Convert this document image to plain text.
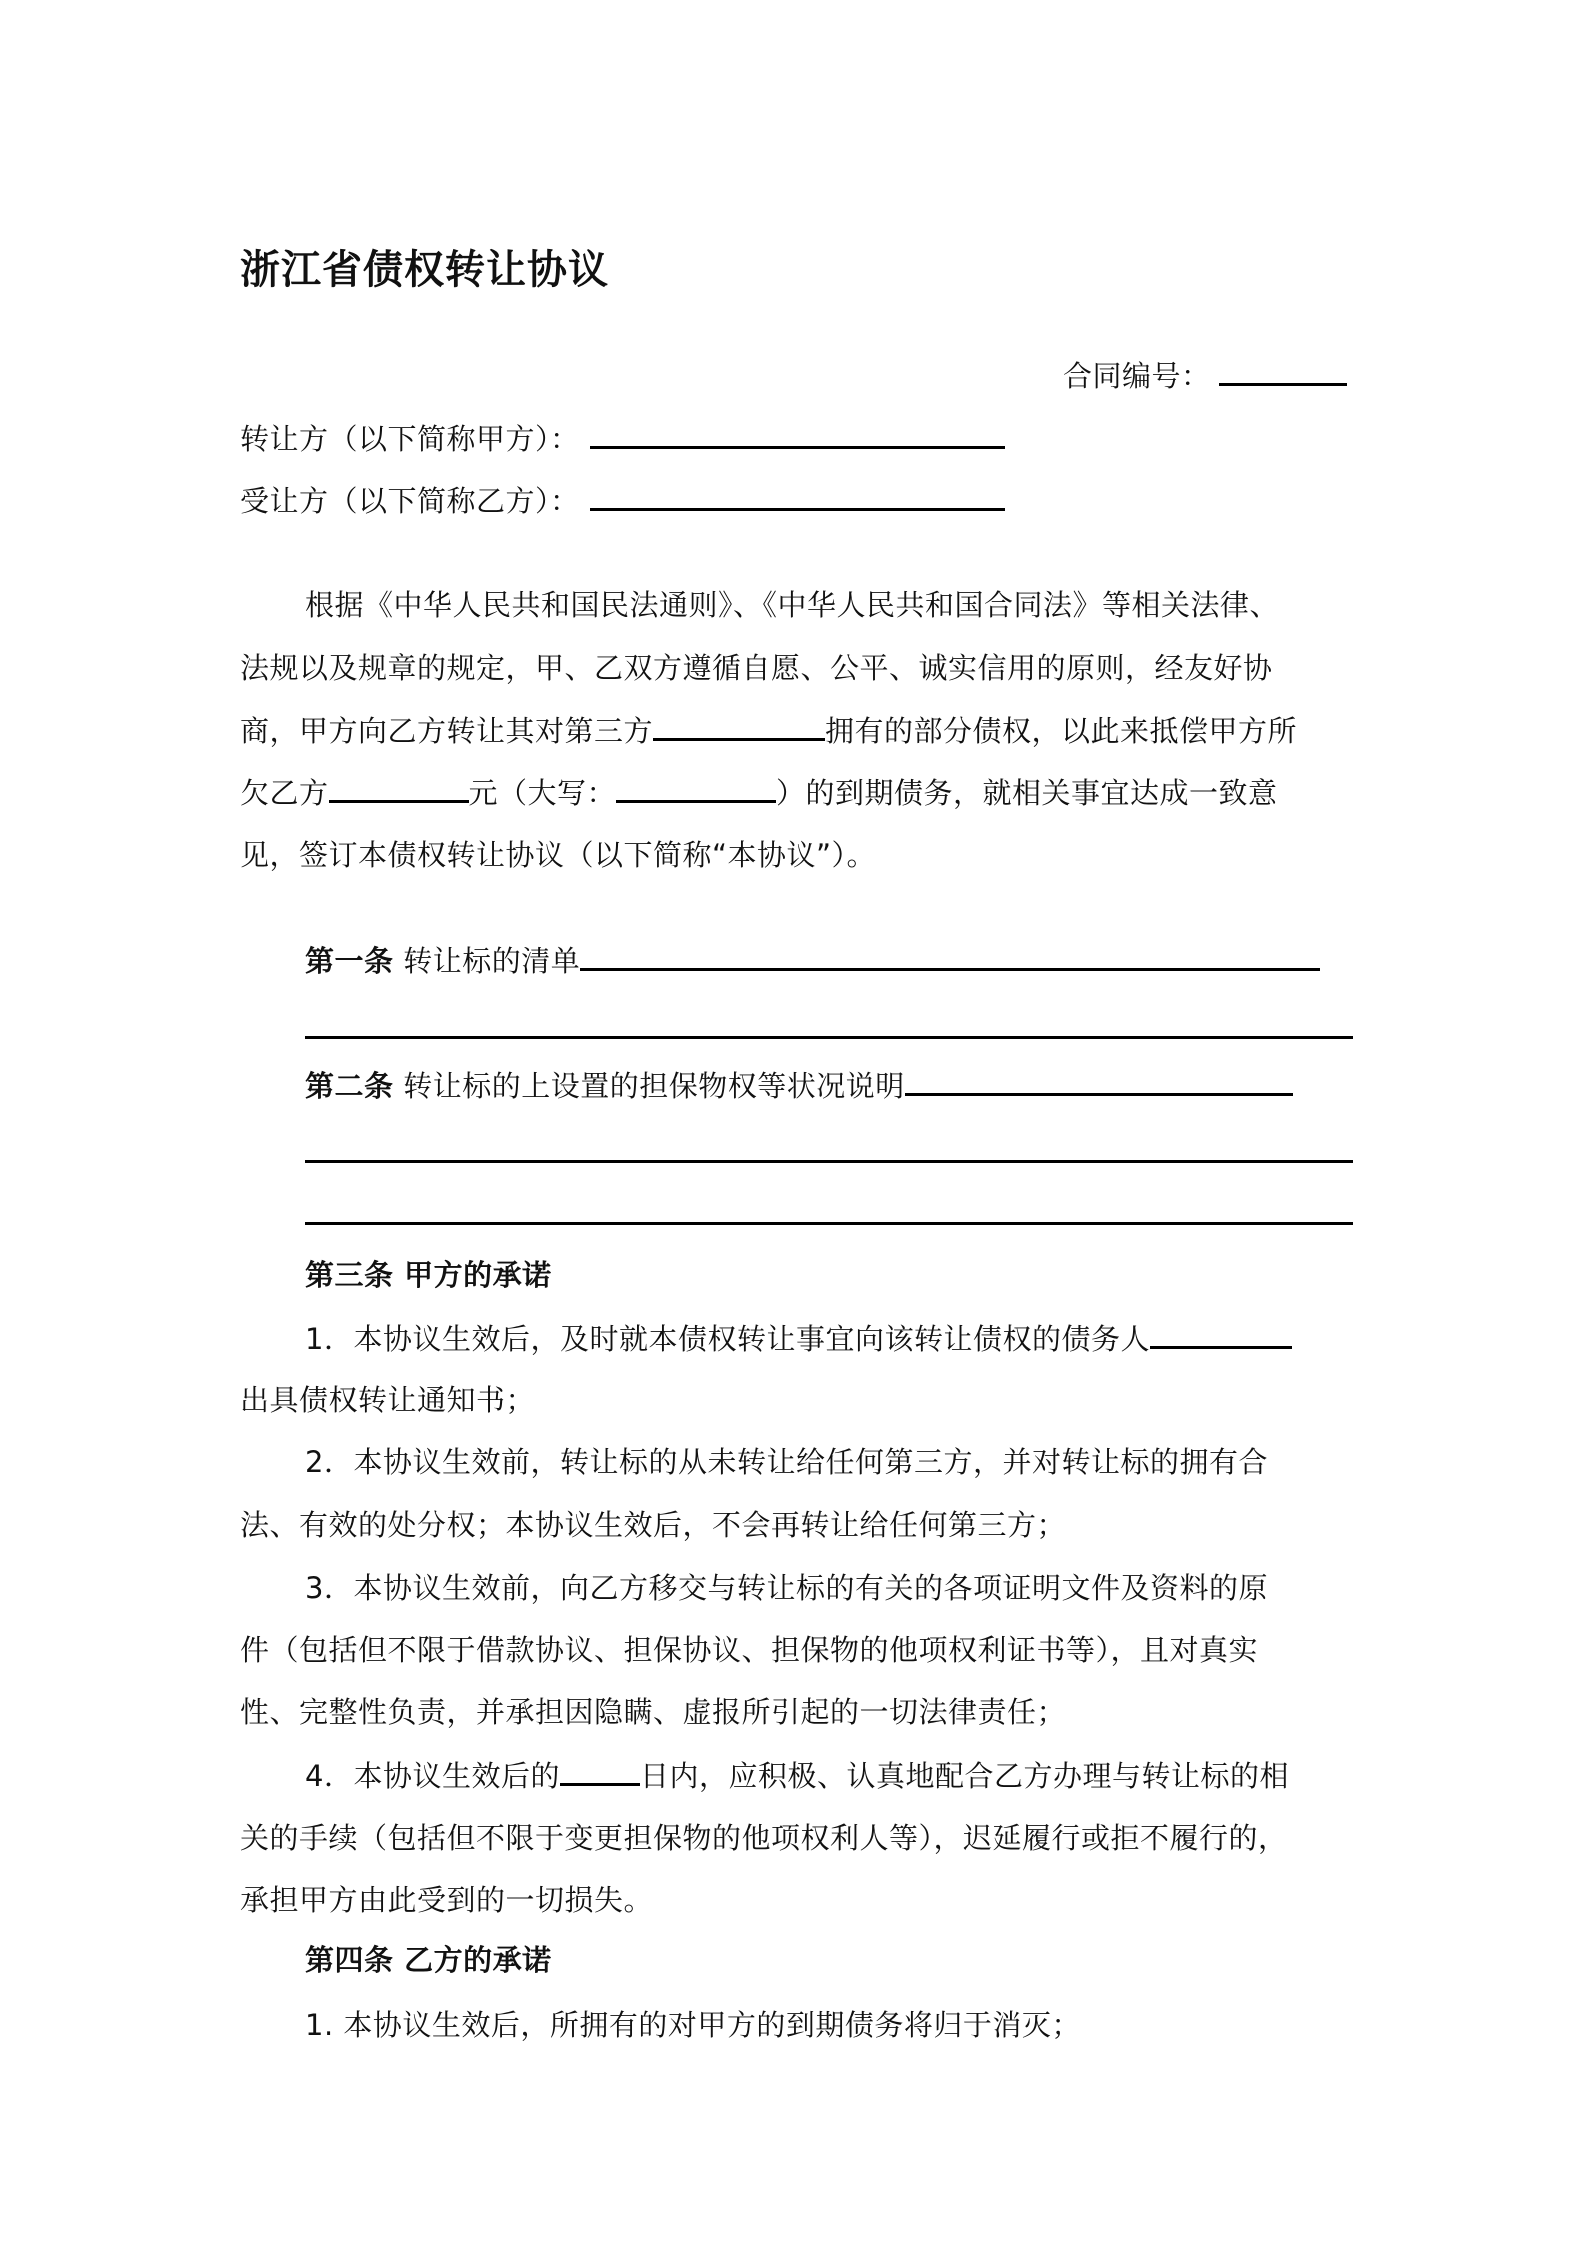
浙江省债权转让协议
合同编号：
转让方（以下简称甲方）：
受让方（以下简称乙方）：
根据《中华人民共和国民法通则》、《中华人民共和国合同法》等相关法律、
法规以及规章的规定，甲、乙双方遵循自愿、公平、诚实信用的原则，经友好协
商，甲方向乙方转让其对第三方	拥有的部分债权，以此来抵偿甲方所
欠乙方	元（大写：	）的到期债务，就相关事宜达成一致意
见，签订本债权转让协议（以下简称“本协议”）。
第一条 转让标的清单
第二条 转让标的上设置的担保物权等状况说明
第三条 甲方的承诺
1．本协议生效后，及时就本债权转让事宜向该转让债权的债务人
出具债权转让通知书；
2．本协议生效前，转让标的从未转让给任何第三方，并对转让标的拥有合
法、有效的处分权；本协议生效后，不会再转让给任何第三方；
3．本协议生效前，向乙方移交与转让标的有关的各项证明文件及资料的原
件（包括但不限于借款协议、担保协议、担保物的他项权利证书等），且对真实
性、完整性负责，并承担因隐瞒、虚报所引起的一切法律责任；
4．本协议生效后的	日内，应积极、认真地配合乙方办理与转让标的相
关的手续（包括但不限于变更担保物的他项权利人等），迟延履行或拒不履行的，
承担甲方由此受到的一切损失。
第四条 乙方的承诺
1. 本协议生效后，所拥有的对甲方的到期债务将归于消灭；
